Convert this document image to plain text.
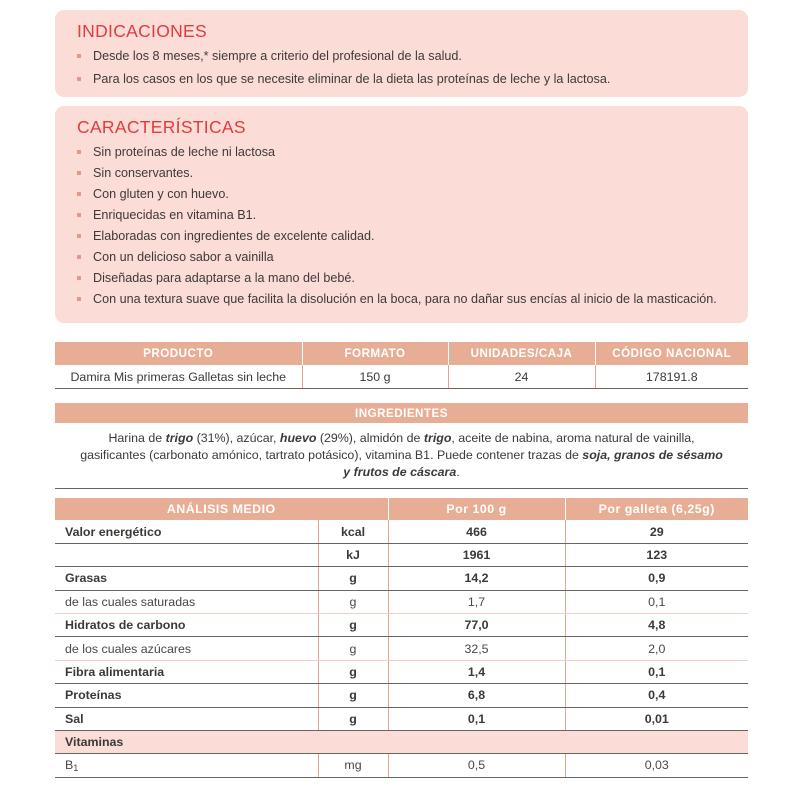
INDICACIONES
Desde los 8 meses,* siempre a criterio del profesional de la salud.
Para los casos en los que se necesite eliminar de la dieta las proteínas de leche y la lactosa.
CARACTERÍSTICAS
Sin proteínas de leche ni lactosa
Sin conservantes.
Con gluten y con huevo.
Enriquecidas en vitamina B1.
Elaboradas con ingredientes de excelente calidad.
Con un delicioso sabor a vainilla
Diseñadas para adaptarse a la mano del bebé.
Con una textura suave que facilita la disolución en la boca, para no dañar sus encías al inicio de la masticación.
PRODUCTO	FORMATO	UNIDADES/CAJA	CÓDIGO NACIONAL
Damira Mis primeras Galletas sin leche	150 g	24	178191.8
INGREDIENTES
Harina de trigo (31%), azúcar, huevo (29%), almidón de trigo, aceite de nabina, aroma natural de vainilla, gasificantes (carbonato amónico, tartrato potásico), vitamina B1. Puede contener trazas de soja, granos de sésamo y frutos de cáscara.
ANÁLISIS MEDIO		Por 100 g	Por galleta (6,25g)
Valor energético	kcal	466	29
	kJ	1961	123
Grasas	g	14,2	0,9
de las cuales saturadas	g	1,7	0,1
Hidratos de carbono	g	77,0	4,8
de los cuales azúcares	g	32,5	2,0
Fibra alimentaria	g	1,4	0,1
Proteínas	g	6,8	0,4
Sal	g	0,1	0,01
Vitaminas			
$B_1$	mg	0,5	0,03
